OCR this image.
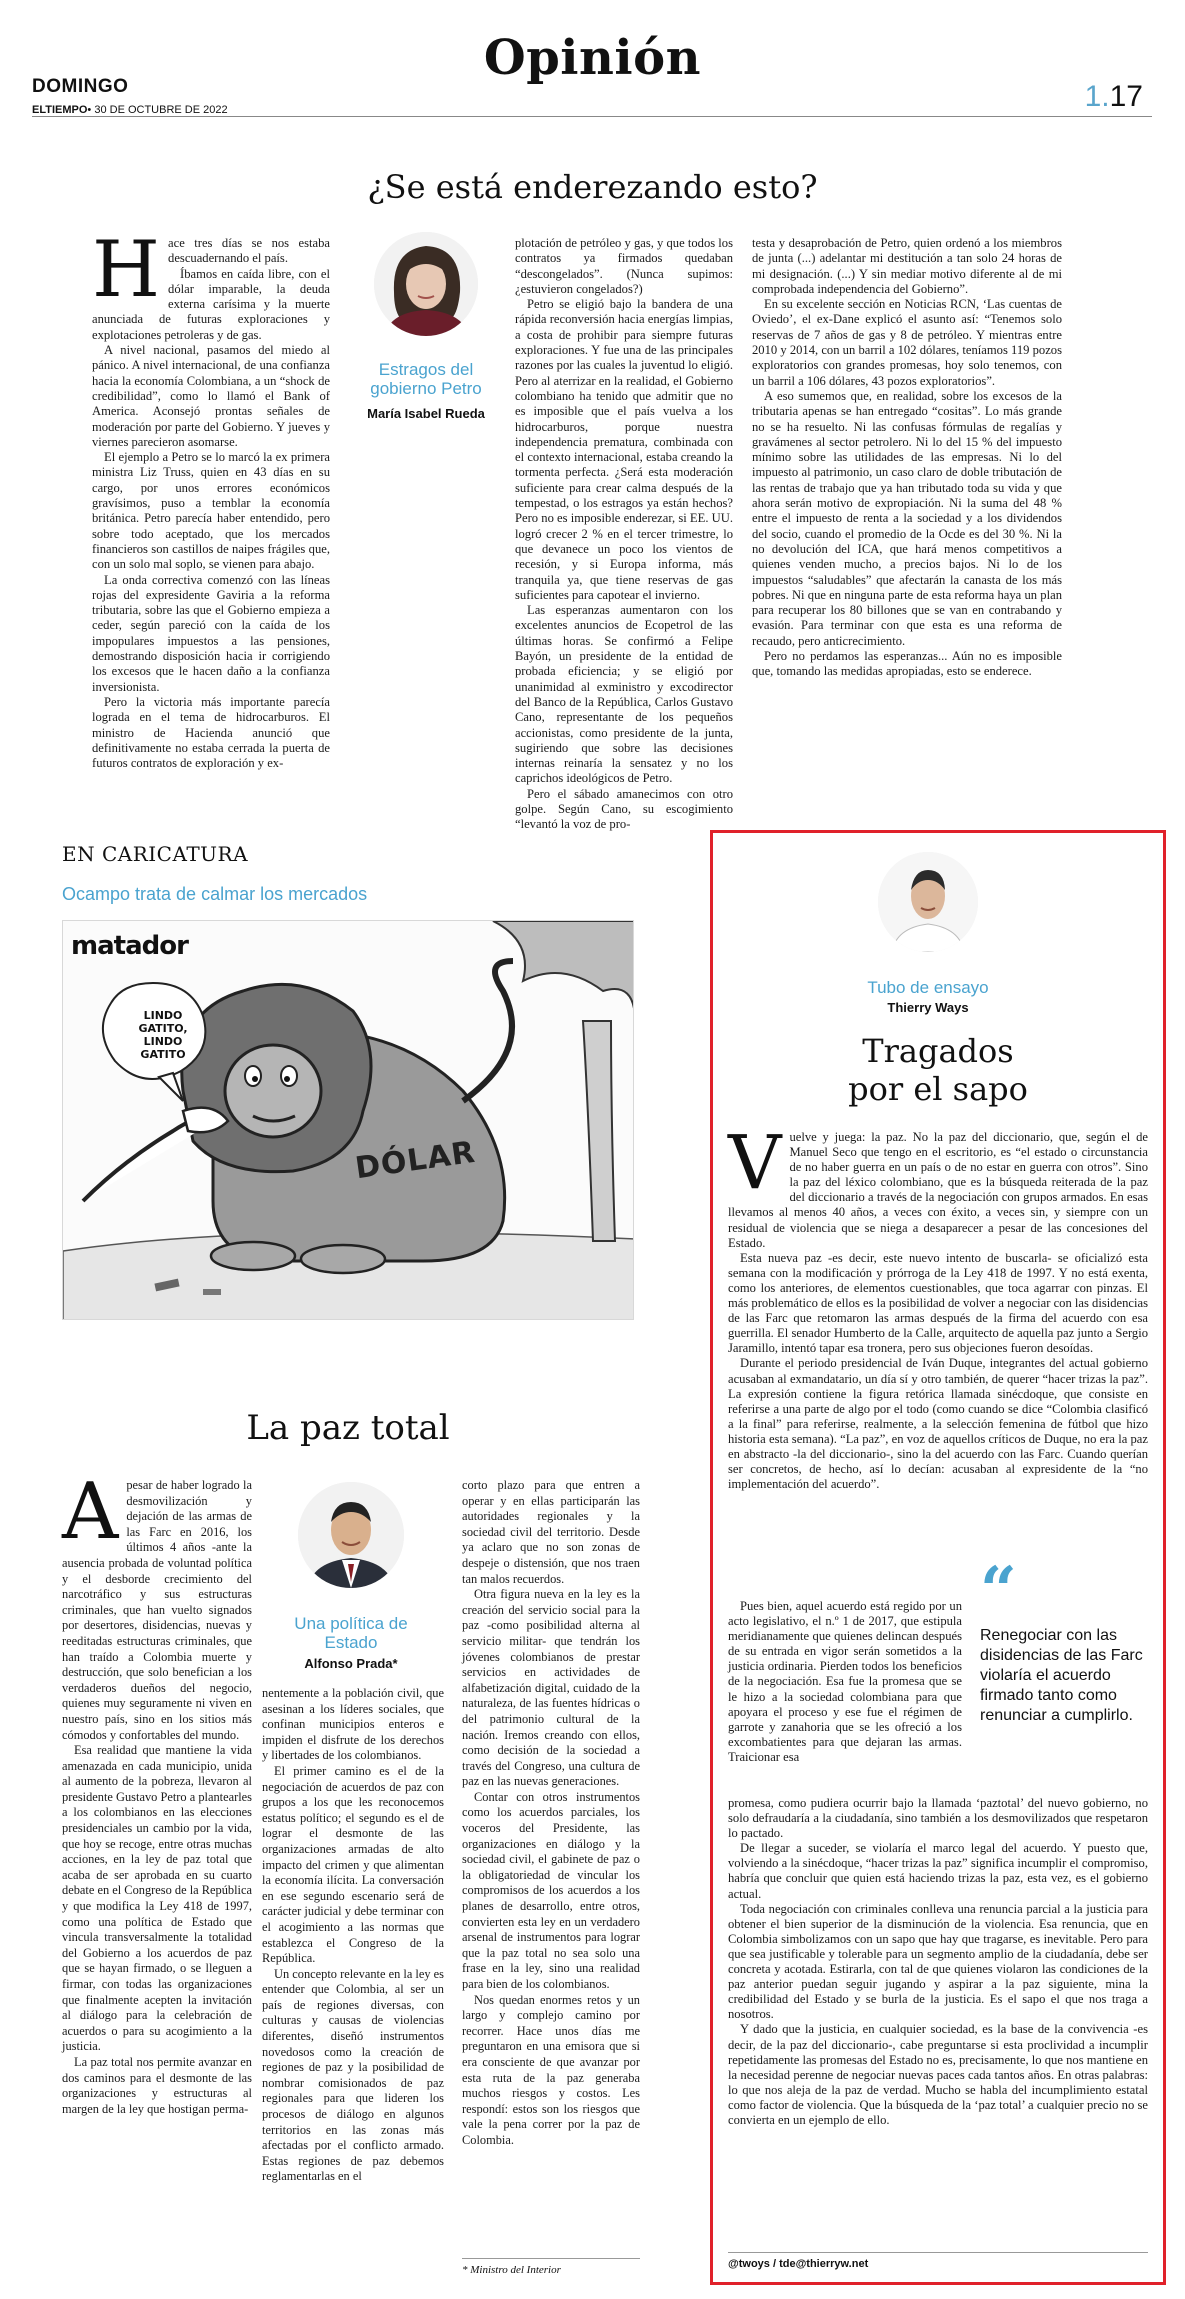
DOMINGO
ELTIEMPO• 30 DE OCTUBRE DE 2022
Opinión
1.17
¿Se está enderezando esto?
H ace tres días se nos estaba descuadernando el país.

Íbamos en caída libre, con el dólar imparable, la deuda externa carísima y la muerte anunciada de futuras exploraciones y explotaciones petroleras y de gas.

A nivel nacional, pasamos del miedo al pánico. A nivel internacional, de una confianza hacia la economía Colombiana, a un “shock de credibilidad”, como lo llamó el Bank of America. Aconsejó prontas señales de moderación por parte del Gobierno. Y jueves y viernes parecieron asomarse.

El ejemplo a Petro se lo marcó la ex primera ministra Liz Truss, quien en 43 días en su cargo, por unos errores económicos gravísimos, puso a temblar la economía británica. Petro parecía haber entendido, pero sobre todo aceptado, que los mercados financieros son castillos de naipes frágiles que, con un solo mal soplo, se vienen para abajo.

La onda correctiva comenzó con las líneas rojas del expresidente Gaviria a la reforma tributaria, sobre las que el Gobierno empieza a ceder, según pareció con la caída de los impopulares impuestos a las pensiones, demostrando disposición hacia ir corrigiendo los excesos que le hacen daño a la confianza inversionista.

Pero la victoria más importante parecía lograda en el tema de hidrocarburos. El ministro de Hacienda anunció que definitivamente no estaba cerrada la puerta de futuros contratos de exploración y ex-

Estragos del gobierno Petro
María Isabel Rueda

plotación de petróleo y gas, y que todos los contratos ya firmados quedaban “descongelados”. (Nunca supimos: ¿estuvieron congelados?)

Petro se eligió bajo la bandera de una rápida reconversión hacia energías limpias, a costa de prohibir para siempre futuras exploraciones. Y fue una de las principales razones por las cuales la juventud lo eligió. Pero al aterrizar en la realidad, el Gobierno colombiano ha tenido que admitir que no es imposible que el país vuelva a los hidrocarburos, porque nuestra independencia prematura, combinada con el contexto internacional, estaba creando la tormenta perfecta. ¿Será esta moderación suficiente para crear calma después de la tempestad, o los estragos ya están hechos? Pero no es imposible enderezar, si EE. UU. logró crecer 2 % en el tercer trimestre, lo que devanece un poco los vientos de recesión, y si Europa informa, más tranquila ya, que tiene reservas de gas suficientes para capotear el invierno.

Las esperanzas aumentaron con los excelentes anuncios de Ecopetrol de las últimas horas. Se confirmó a Felipe Bayón, un presidente de la entidad de probada eficiencia; y se eligió por unanimidad al exministro y excodirector del Banco de la República, Carlos Gustavo Cano, representante de los pequeños accionistas, como presidente de la junta, sugiriendo que sobre las decisiones internas reinaría la sensatez y no los caprichos ideológicos de Petro.

Pero el sábado amanecimos con otro golpe. Según Cano, su escogimiento “levantó la voz de pro-

testa y desaprobación de Petro, quien ordenó a los miembros de junta (...) adelantar mi destitución a tan solo 24 horas de mi designación. (...) Y sin mediar motivo diferente al de mi comprobada independencia del Gobierno”.

En su excelente sección en Noticias RCN, ‘Las cuentas de Oviedo’, el ex-Dane explicó el asunto así: “Tenemos solo reservas de 7 años de gas y 8 de petróleo. Y mientras entre 2010 y 2014, con un barril a 102 dólares, teníamos 119 pozos exploratorios con grandes promesas, hoy solo tenemos, con un barril a 106 dólares, 43 pozos exploratorios”.

A eso sumemos que, en realidad, sobre los excesos de la tributaria apenas se han entregado “cositas”. Lo más grande no se ha resuelto. Ni las confusas fórmulas de regalías y gravámenes al sector petrolero. Ni lo del 15 % del impuesto mínimo sobre las utilidades de las empresas. Ni lo del impuesto al patrimonio, un caso claro de doble tributación de las rentas de trabajo que ya han tributado toda su vida y que ahora serán motivo de expropiación. Ni la suma del 48 % entre el impuesto de renta a la sociedad y a los dividendos del socio, cuando el promedio de la Ocde es del 30 %. Ni la no devolución del ICA, que hará menos competitivos a quienes venden mucho, a precios bajos. Ni lo de los impuestos “saludables” que afectarán la canasta de los más pobres. Ni que en ninguna parte de esta reforma haya un plan para recuperar los 80 billones que se van en contrabando y evasión. Para terminar con que esta es una reforma de recaudo, pero anticrecimiento.

Pero no perdamos las esperanzas... Aún no es imposible que, tomando las medidas apropiadas, esto se enderece.

EN CARICATURA
Ocampo trata de calmar los mercados
matador
LINDO GATITO, LINDO GATITO
DÓLAR
La paz total
A pesar de haber logrado la desmovilización y dejación de las armas de las Farc en 2016, los últimos 4 años -ante la ausencia probada de voluntad política y el desborde crecimiento del narcotráfico y sus estructuras criminales, que han vuelto signados por desertores, disidencias, nuevas y reeditadas estructuras criminales, que han traído a Colombia muerte y destrucción, que solo benefician a los verdaderos dueños del negocio, quienes muy seguramente ni viven en nuestro país, sino en los sitios más cómodos y confortables del mundo.

Esa realidad que mantiene la vida amenazada en cada municipio, unida al aumento de la pobreza, llevaron al presidente Gustavo Petro a plantearles a los colombianos en las elecciones presidenciales un cambio por la vida, que hoy se recoge, entre otras muchas acciones, en la ley de paz total que acaba de ser aprobada en su cuarto debate en el Congreso de la República y que modifica la Ley 418 de 1997, como una política de Estado que vincula transversalmente la totalidad del Gobierno a los acuerdos de paz que se hayan firmado, o se lleguen a firmar, con todas las organizaciones que finalmente acepten la invitación al diálogo para la celebración de acuerdos o para su acogimiento a la justicia.

La paz total nos permite avanzar en dos caminos para el desmonte de las organizaciones y estructuras al margen de la ley que hostigan perma-

Una política de Estado
Alfonso Prada*

nentemente a la población civil, que asesinan a los líderes sociales, que confinan municipios enteros e impiden el disfrute de los derechos y libertades de los colombianos.

El primer camino es el de la negociación de acuerdos de paz con grupos a los que les reconocemos estatus político; el segundo es el de lograr el desmonte de las organizaciones armadas de alto impacto del crimen y que alimentan la economía ilícita. La conversación en ese segundo escenario será de carácter judicial y debe terminar con el acogimiento a las normas que establezca el Congreso de la República.

Un concepto relevante en la ley es entender que Colombia, al ser un país de regiones diversas, con culturas y causas de violencias diferentes, diseñó instrumentos novedosos como la creación de regiones de paz y la posibilidad de nombrar comisionados de paz regionales para que lideren los procesos de diálogo en algunos territorios en las zonas más afectadas por el conflicto armado. Estas regiones de paz debemos reglamentarlas en el

corto plazo para que entren a operar y en ellas participarán las autoridades regionales y la sociedad civil del territorio. Desde ya aclaro que no son zonas de despeje o distensión, que nos traen tan malos recuerdos.

Otra figura nueva en la ley es la creación del servicio social para la paz -como posibilidad alterna al servicio militar- que tendrán los jóvenes colombianos de prestar servicios en actividades de alfabetización digital, cuidado de la naturaleza, de las fuentes hídricas o del patrimonio cultural de la nación. Iremos creando con ellos, como decisión de la sociedad a través del Congreso, una cultura de paz en las nuevas generaciones.

Contar con otros instrumentos como los acuerdos parciales, los voceros del Presidente, las organizaciones en diálogo y la sociedad civil, el gabinete de paz o la obligatoriedad de vincular los compromisos de los acuerdos a los planes de desarrollo, entre otros, convierten esta ley en un verdadero arsenal de instrumentos para lograr que la paz total no sea solo una frase en la ley, sino una realidad para bien de los colombianos.

Nos quedan enormes retos y un largo y complejo camino por recorrer. Hace unos días me preguntaron en una emisora que si era consciente de que avanzar por esta ruta de la paz generaba muchos riesgos y costos. Les respondí: estos son los riesgos que vale la pena correr por la paz de Colombia.

* Ministro del Interior
Tubo de ensayo
Thierry Ways
Tragados
por el sapo
V uelve y juega: la paz. No la paz del diccionario, que, según el de Manuel Seco que tengo en el escritorio, es “el estado o circunstancia de no haber guerra en un país o de no estar en guerra con otros”. Sino la paz del léxico colombiano, que es la búsqueda reiterada de la paz del diccionario a través de la negociación con grupos armados. En esas llevamos al menos 40 años, a veces con éxito, a veces sin, y siempre con un residual de violencia que se niega a desaparecer a pesar de las concesiones del Estado.

Esta nueva paz -es decir, este nuevo intento de buscarla- se oficializó esta semana con la modificación y prórroga de la Ley 418 de 1997. Y no está exenta, como los anteriores, de elementos cuestionables, que toca agarrar con pinzas. El más problemático de ellos es la posibilidad de volver a negociar con las disidencias de las Farc que retomaron las armas después de la firma del acuerdo con esa guerrilla. El senador Humberto de la Calle, arquitecto de aquella paz junto a Sergio Jaramillo, intentó tapar esa tronera, pero sus objeciones fueron desoídas.

Durante el periodo presidencial de Iván Duque, integrantes del actual gobierno acusaban al exmandatario, un día sí y otro también, de querer “hacer trizas la paz”. La expresión contiene la figura retórica llamada sinécdoque, que consiste en referirse a una parte de algo por el todo (como cuando se dice “Colombia clasificó a la final” para referirse, realmente, a la selección femenina de fútbol que hizo historia esta semana). “La paz”, en voz de aquellos críticos de Duque, no era la paz en abstracto -la del diccionario-, sino la del acuerdo con las Farc. Cuando querían ser concretos, de hecho, así lo decían: acusaban al expresidente de la “no implementación del acuerdo”.

Pues bien, aquel acuerdo está regido por un acto legislativo, el n.º 1 de 2017, que estipula meridianamente que quienes delincan después de su entrada en vigor serán sometidos a la justicia ordinaria. Pierden todos los beneficios de la negociación. Esa fue la promesa que se le hizo a la sociedad colombiana para que apoyara el proceso y ese fue el régimen de garrote y zanahoria que se les ofreció a los excombatientes para que dejaran las armas. Traicionar esa

“
Renegociar con las disidencias de las Farc violaría el acuerdo firmado tanto como renunciar a cumplirlo.

promesa, como pudiera ocurrir bajo la llamada ‘paztotal’ del nuevo gobierno, no solo defraudaría a la ciudadanía, sino también a los desmovilizados que respetaron lo pactado.

De llegar a suceder, se violaría el marco legal del acuerdo. Y puesto que, volviendo a la sinécdoque, “hacer trizas la paz” significa incumplir el compromiso, habría que concluir que quien está haciendo trizas la paz, esta vez, es el gobierno actual.

Toda negociación con criminales conlleva una renuncia parcial a la justicia para obtener el bien superior de la disminución de la violencia. Esa renuncia, que en Colombia simbolizamos con un sapo que hay que tragarse, es inevitable. Pero para que sea justificable y tolerable para un segmento amplio de la ciudadanía, debe ser concreta y acotada. Estirarla, con tal de que quienes violaron las condiciones de la paz anterior puedan seguir jugando y aspirar a la paz siguiente, mina la credibilidad del Estado y se burla de la justicia. Es el sapo el que nos traga a nosotros.

Y dado que la justicia, en cualquier sociedad, es la base de la convivencia -es decir, de la paz del diccionario-, cabe preguntarse si esta proclividad a incumplir repetidamente las promesas del Estado no es, precisamente, lo que nos mantiene en la necesidad perenne de negociar nuevas paces cada tantos años. En otras palabras: lo que nos aleja de la paz de verdad. Mucho se habla del incumplimiento estatal como factor de violencia. Que la búsqueda de la ‘paz total’ a cualquier precio no se convierta en un ejemplo de ello.

@twoys / tde@thierryw.net
